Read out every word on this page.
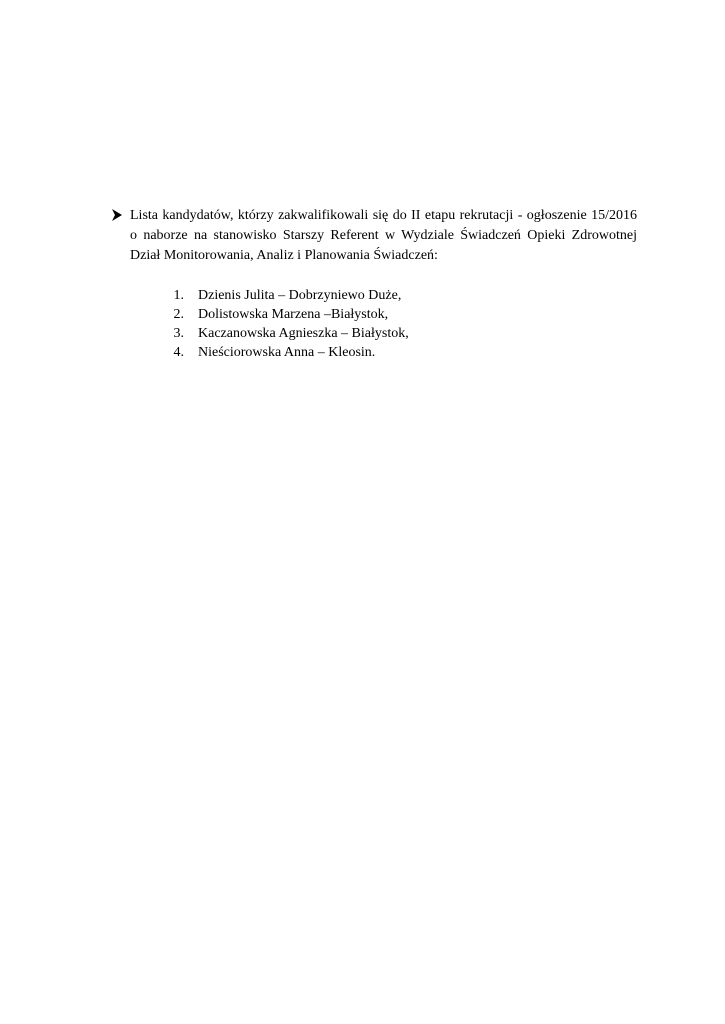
Lista kandydatów, którzy zakwalifikowali się do II etapu rekrutacji - ogłoszenie 15/2016 o naborze na stanowisko Starszy Referent w Wydziale Świadczeń Opieki Zdrowotnej Dział Monitorowania, Analiz i Planowania Świadczeń:

1. Dzienis Julita – Dobrzyniewo Duże,
2. Dolistowska Marzena –Białystok,
3. Kaczanowska Agnieszka – Białystok,
4. Nieściorowska Anna – Kleosin.
